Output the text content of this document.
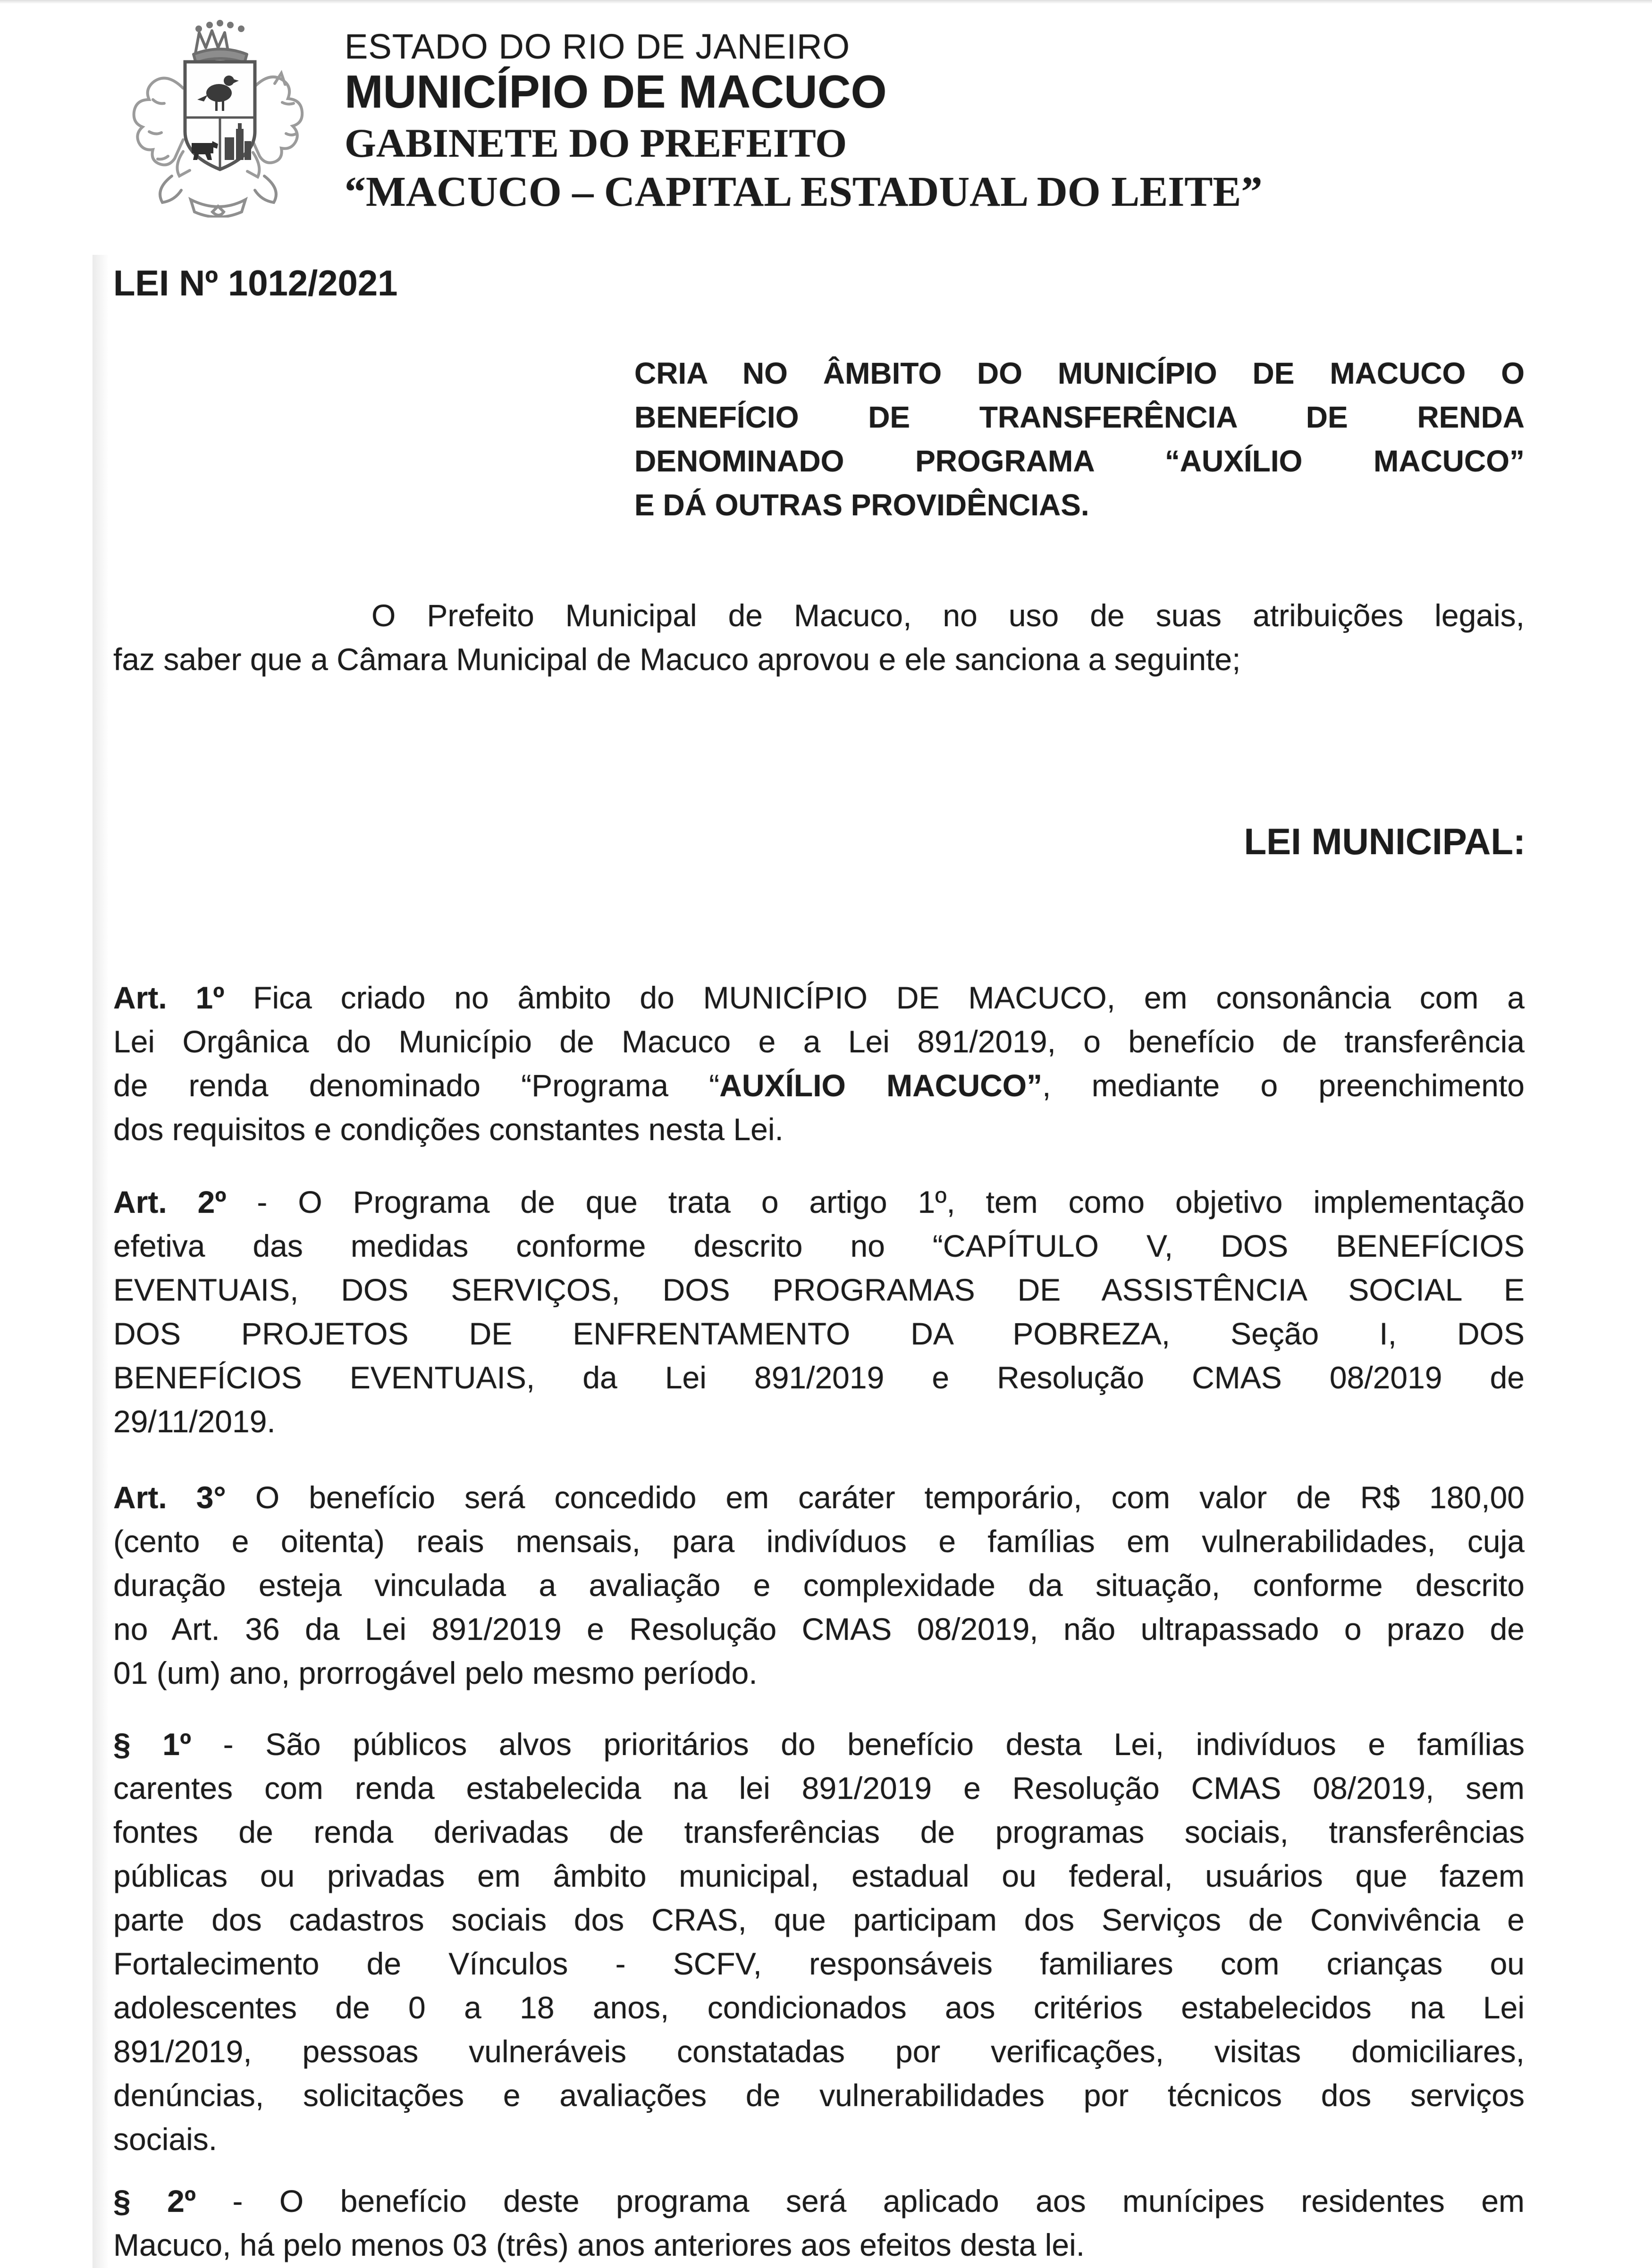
ESTADO DO RIO DE JANEIRO
MUNICÍPIO DE MACUCO
GABINETE DO PREFEITO
“MACUCO – CAPITAL ESTADUAL DO LEITE”
LEI Nº 1012/2021
CRIA NO ÂMBITO DO MUNICÍPIO DE MACUCO O
BENEFÍCIO DE TRANSFERÊNCIA DE RENDA
DENOMINADO PROGRAMA “AUXÍLIO MACUCO”
E DÁ OUTRAS PROVIDÊNCIAS.
O Prefeito Municipal de Macuco, no uso de suas atribuições legais,
faz saber que a Câmara Municipal de Macuco aprovou e ele sanciona a seguinte;
LEI MUNICIPAL:
Art. 1º Fica criado no âmbito do MUNICÍPIO DE MACUCO, em consonância com a
Lei Orgânica do Município de Macuco e a Lei 891/2019, o benefício de transferência
de renda denominado “Programa “AUXÍLIO MACUCO”, mediante o preenchimento
dos requisitos e condições constantes nesta Lei.
Art. 2º - O Programa de que trata o artigo 1º, tem como objetivo implementação
efetiva das medidas conforme descrito no “CAPÍTULO V, DOS BENEFÍCIOS
EVENTUAIS, DOS SERVIÇOS, DOS PROGRAMAS DE ASSISTÊNCIA SOCIAL E
DOS PROJETOS DE ENFRENTAMENTO DA POBREZA, Seção I, DOS
BENEFÍCIOS EVENTUAIS, da Lei 891/2019 e Resolução CMAS 08/2019 de
29/11/2019.
Art. 3° O benefício será concedido em caráter temporário, com valor de R$ 180,00
(cento e oitenta) reais mensais, para indivíduos e famílias em vulnerabilidades, cuja
duração esteja vinculada a avaliação e complexidade da situação, conforme descrito
no Art. 36 da Lei 891/2019 e Resolução CMAS 08/2019, não ultrapassado o prazo de
01 (um) ano, prorrogável pelo mesmo período.
§ 1º - São públicos alvos prioritários do benefício desta Lei, indivíduos e famílias
carentes com renda estabelecida na lei 891/2019 e Resolução CMAS 08/2019, sem
fontes de renda derivadas de transferências de programas sociais, transferências
públicas ou privadas em âmbito municipal, estadual ou federal, usuários que fazem
parte dos cadastros sociais dos CRAS, que participam dos Serviços de Convivência e
Fortalecimento de Vínculos - SCFV, responsáveis familiares com crianças ou
adolescentes de 0 a 18 anos, condicionados aos critérios estabelecidos na Lei
891/2019, pessoas vulneráveis constatadas por verificações, visitas domiciliares,
denúncias, solicitações e avaliações de vulnerabilidades por técnicos dos serviços
sociais.
§ 2º - O benefício deste programa será aplicado aos munícipes residentes em
Macuco, há pelo menos 03 (três) anos anteriores aos efeitos desta lei.
